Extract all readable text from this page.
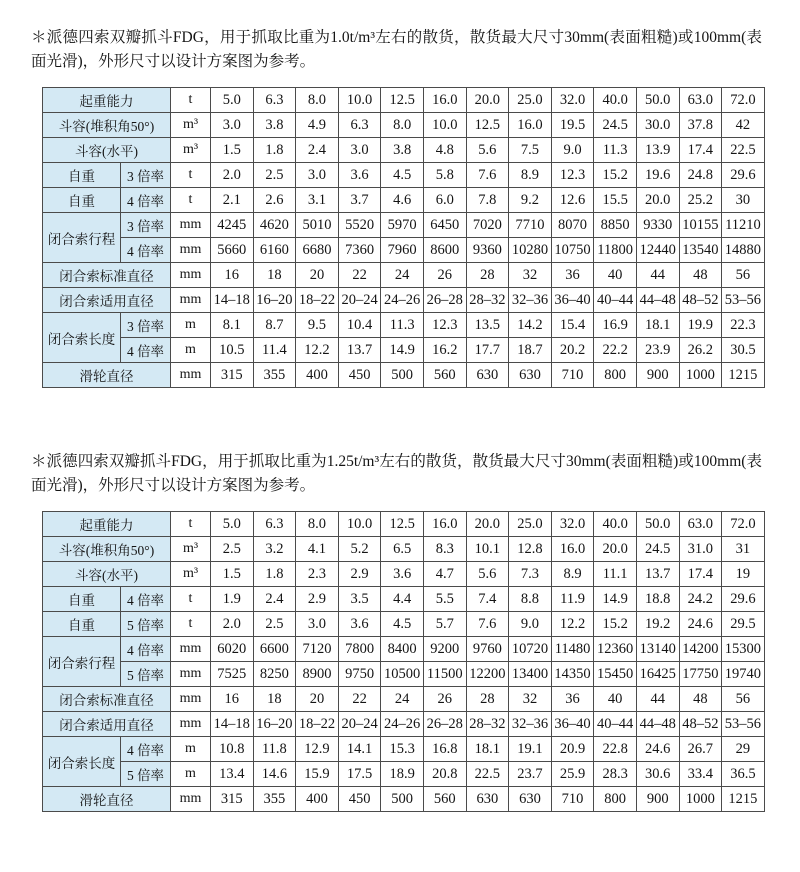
＊派德四索双瓣抓斗FDG，用于抓取比重为1.0t/m³左右的散货，散货最大尺寸30mm(表面粗糙)或100mm(表面光滑)，外形尺寸以设计方案图为参考。

起重能力		t	5.0	6.3	8.0	10.0	12.5	16.0	20.0	25.0	32.0	40.0	50.0	63.0	72.0
斗容(堆积角50°)		m³	3.0	3.8	4.9	6.3	8.0	10.0	12.5	16.0	19.5	24.5	30.0	37.8	42
斗容(水平)		m³	1.5	1.8	2.4	3.0	3.8	4.8	5.6	7.5	9.0	11.3	13.9	17.4	22.5
自重	3 倍率	t	2.0	2.5	3.0	3.6	4.5	5.8	7.6	8.9	12.3	15.2	19.6	24.8	29.6
自重	4 倍率	t	2.1	2.6	3.1	3.7	4.6	6.0	7.8	9.2	12.6	15.5	20.0	25.2	30
闭合索行程	3 倍率	mm	4245	4620	5010	5520	5970	6450	7020	7710	8070	8850	9330	10155	11210
	4 倍率	mm	5660	6160	6680	7360	7960	8600	9360	10280	10750	11800	12440	13540	14880
闭合索标准直径		mm	16	18	20	22	24	26	28	32	36	40	44	48	56
闭合索适用直径		mm	14–18	16–20	18–22	20–24	24–26	26–28	28–32	32–36	36–40	40–44	44–48	48–52	53–56
闭合索长度	3 倍率	m	8.1	8.7	9.5	10.4	11.3	12.3	13.5	14.2	15.4	16.9	18.1	19.9	22.3
	4 倍率	m	10.5	11.4	12.2	13.7	14.9	16.2	17.7	18.7	20.2	22.2	23.9	26.2	30.5
滑轮直径		mm	315	355	400	450	500	560	630	630	710	800	900	1000	1215

＊派德四索双瓣抓斗FDG，用于抓取比重为1.25t/m³左右的散货，散货最大尺寸30mm(表面粗糙)或100mm(表面光滑)，外形尺寸以设计方案图为参考。

起重能力		t	5.0	6.3	8.0	10.0	12.5	16.0	20.0	25.0	32.0	40.0	50.0	63.0	72.0
斗容(堆积角50°)		m³	2.5	3.2	4.1	5.2	6.5	8.3	10.1	12.8	16.0	20.0	24.5	31.0	31
斗容(水平)		m³	1.5	1.8	2.3	2.9	3.6	4.7	5.6	7.3	8.9	11.1	13.7	17.4	19
自重	4 倍率	t	1.9	2.4	2.9	3.5	4.4	5.5	7.4	8.8	11.9	14.9	18.8	24.2	29.6
自重	5 倍率	t	2.0	2.5	3.0	3.6	4.5	5.7	7.6	9.0	12.2	15.2	19.2	24.6	29.5
闭合索行程	4 倍率	mm	6020	6600	7120	7800	8400	9200	9760	10720	11480	12360	13140	14200	15300
	5 倍率	mm	7525	8250	8900	9750	10500	11500	12200	13400	14350	15450	16425	17750	19740
闭合索标准直径		mm	16	18	20	22	24	26	28	32	36	40	44	48	56
闭合索适用直径		mm	14–18	16–20	18–22	20–24	24–26	26–28	28–32	32–36	36–40	40–44	44–48	48–52	53–56
闭合索长度	4 倍率	m	10.8	11.8	12.9	14.1	15.3	16.8	18.1	19.1	20.9	22.8	24.6	26.7	29
	5 倍率	m	13.4	14.6	15.9	17.5	18.9	20.8	22.5	23.7	25.9	28.3	30.6	33.4	36.5
滑轮直径		mm	315	355	400	450	500	560	630	630	710	800	900	1000	1215
